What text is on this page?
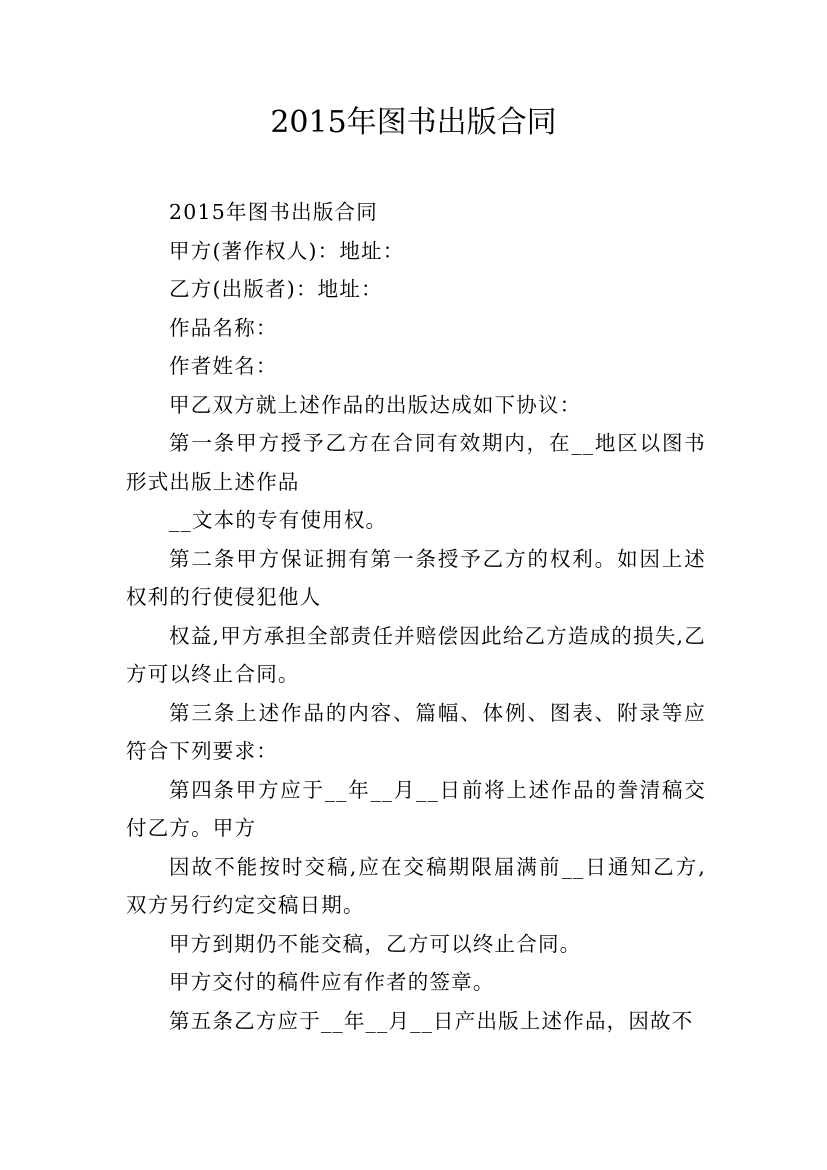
2015年图书出版合同

2015年图书出版合同

甲方(著作权人)：地址：

乙方(出版者)：地址：

作品名称：

作者姓名：

甲乙双方就上述作品的出版达成如下协议：

第一条甲方授予乙方在合同有效期内，在__地区以图书形式出版上述作品

__文本的专有使用权。

第二条甲方保证拥有第一条授予乙方的权利。如因上述权利的行使侵犯他人

权益,甲方承担全部责任并赔偿因此给乙方造成的损失,乙方可以终止合同。

第三条上述作品的内容、篇幅、体例、图表、附录等应符合下列要求：

第四条甲方应于__年__月__日前将上述作品的誊清稿交付乙方。甲方

因故不能按时交稿,应在交稿期限届满前__日通知乙方,双方另行约定交稿日期。

甲方到期仍不能交稿，乙方可以终止合同。

甲方交付的稿件应有作者的签章。

第五条乙方应于__年__月__日产出版上述作品，因故不
